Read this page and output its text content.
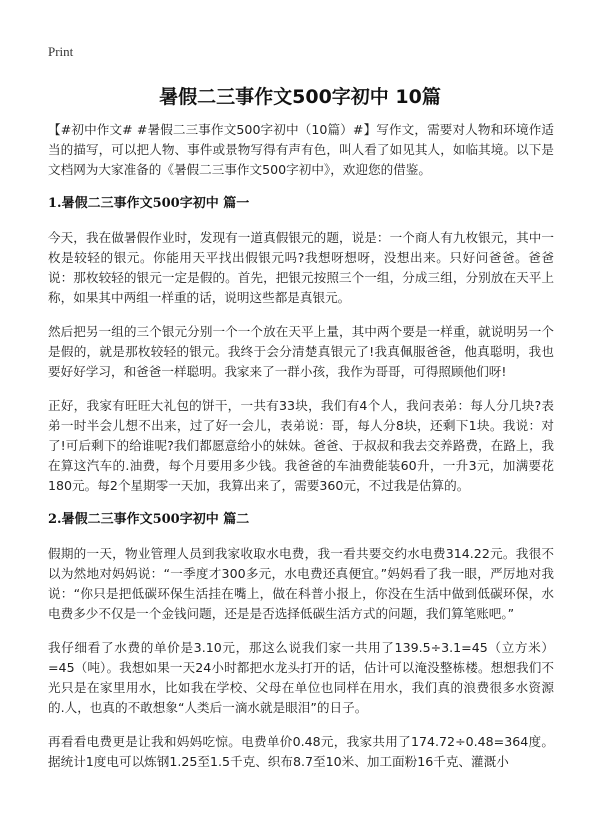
Print
暑假二三事作文500字初中 10篇

【#初中作文# #暑假二三事作文500字初中（10篇）#】写作文，需要对人物和环境作适当的描写，可以把人物、事件或景物写得有声有色，叫人看了如见其人，如临其境。以下是文档网为大家准备的《暑假二三事作文500字初中》，欢迎您的借鉴。

1.暑假二三事作文500字初中 篇一

今天，我在做暑假作业时，发现有一道真假银元的题，说是：一个商人有九枚银元，其中一枚是较轻的银元。你能用天平找出假银元吗?我想呀想呀，没想出来。只好问爸爸。爸爸说：那枚较轻的银元一定是假的。首先，把银元按照三个一组，分成三组，分别放在天平上称，如果其中两组一样重的话，说明这些都是真银元。

然后把另一组的三个银元分别一个一个放在天平上量，其中两个要是一样重，就说明另一个是假的，就是那枚较轻的银元。我终于会分清楚真银元了!我真佩服爸爸，他真聪明，我也要好好学习，和爸爸一样聪明。我家来了一群小孩，我作为哥哥，可得照顾他们呀!

正好，我家有旺旺大礼包的饼干，一共有33块，我们有4个人，我问表弟：每人分几块?表弟一时半会儿想不出来，过了好一会儿，表弟说：哥，每人分8块，还剩下1块。我说：对了!可后剩下的给谁呢?我们都愿意给小的妹妹。爸爸、于叔叔和我去交养路费，在路上，我在算这汽车的.油费，每个月要用多少钱。我爸爸的车油费能装60升，一升3元，加满要花180元。每2个星期零一天加，我算出来了，需要360元，不过我是估算的。

2.暑假二三事作文500字初中 篇二

假期的一天，物业管理人员到我家收取水电费，我一看共要交约水电费314.22元。我很不以为然地对妈妈说：“一季度才300多元，水电费还真便宜。”妈妈看了我一眼，严厉地对我说：“你只是把低碳环保生活挂在嘴上，做在科普小报上，你没在生活中做到低碳环保，水电费多少不仅是一个金钱问题，还是是否选择低碳生活方式的问题，我们算笔账吧。”

我仔细看了水费的单价是3.10元，那这么说我们家一共用了139.5÷3.1=45（立方米）=45（吨）。我想如果一天24小时都把水龙头打开的话，估计可以淹没整栋楼。想想我们不光只是在家里用水，比如我在学校、父母在单位也同样在用水，我们真的浪费很多水资源的.人，也真的不敢想象“人类后一滴水就是眼泪”的日子。

再看看电费更是让我和妈妈吃惊。电费单价0.48元，我家共用了174.72÷0.48=364度。据统计1度电可以炼钢1.25至1.5千克、织布8.7至10米、加工面粉16千克、灌溉小
